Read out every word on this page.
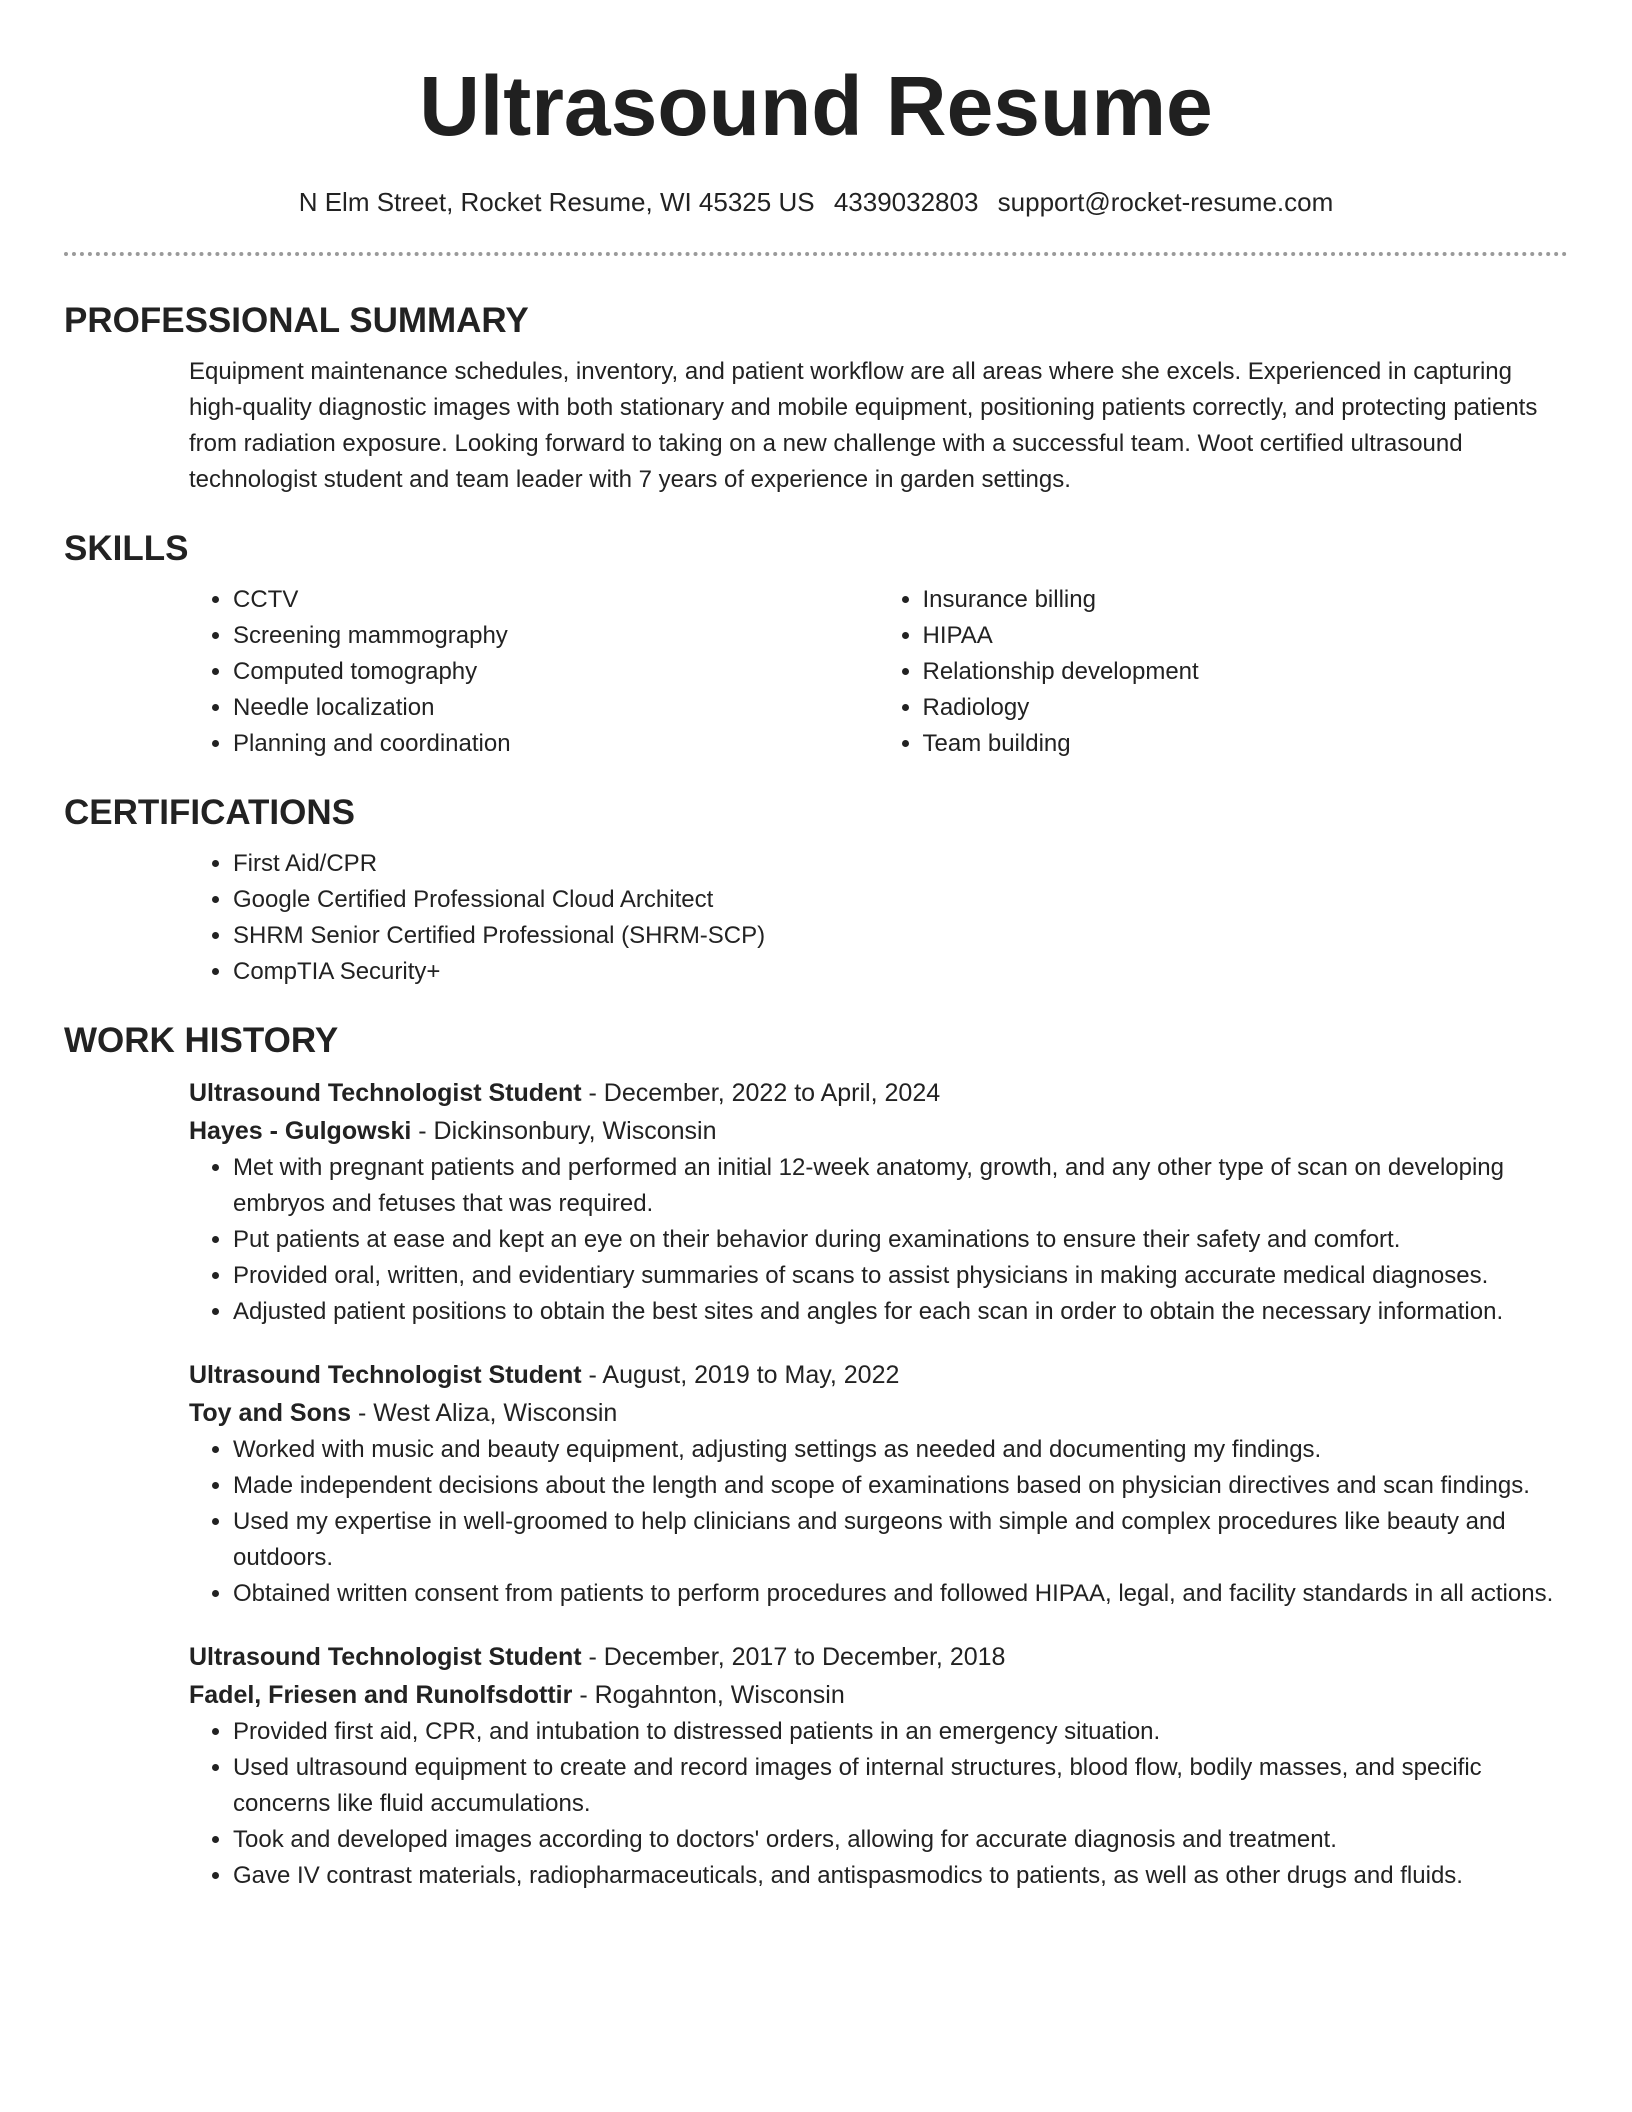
Ultrasound Resume
N Elm Street, Rocket Resume, WI 45325 US 4339032803 support@rocket-resume.com
PROFESSIONAL SUMMARY

Equipment maintenance schedules, inventory, and patient workflow are all areas where she excels. Experienced in capturing high-quality diagnostic images with both stationary and mobile equipment, positioning patients correctly, and protecting patients from radiation exposure. Looking forward to taking on a new challenge with a successful team. Woot certified ultrasound technologist student and team leader with 7 years of experience in garden settings.

SKILLS
• CCTV
• Screening mammography
• Computed tomography
• Needle localization
• Planning and coordination
• Insurance billing
• HIPAA
• Relationship development
• Radiology
• Team building
CERTIFICATIONS
• First Aid/CPR
• Google Certified Professional Cloud Architect
• SHRM Senior Certified Professional (SHRM-SCP)
• CompTIA Security+
WORK HISTORY
Ultrasound Technologist Student - December, 2022 to April, 2024
Hayes - Gulgowski - Dickinsonbury, Wisconsin
• Met with pregnant patients and performed an initial 12-week anatomy, growth, and any other type of scan on developing embryos and fetuses that was required.
• Put patients at ease and kept an eye on their behavior during examinations to ensure their safety and comfort.
• Provided oral, written, and evidentiary summaries of scans to assist physicians in making accurate medical diagnoses.
• Adjusted patient positions to obtain the best sites and angles for each scan in order to obtain the necessary information.
Ultrasound Technologist Student - August, 2019 to May, 2022
Toy and Sons - West Aliza, Wisconsin
• Worked with music and beauty equipment, adjusting settings as needed and documenting my findings.
• Made independent decisions about the length and scope of examinations based on physician directives and scan findings.
• Used my expertise in well-groomed to help clinicians and surgeons with simple and complex procedures like beauty and outdoors.
• Obtained written consent from patients to perform procedures and followed HIPAA, legal, and facility standards in all actions.
Ultrasound Technologist Student - December, 2017 to December, 2018
Fadel, Friesen and Runolfsdottir - Rogahnton, Wisconsin
• Provided first aid, CPR, and intubation to distressed patients in an emergency situation.
• Used ultrasound equipment to create and record images of internal structures, blood flow, bodily masses, and specific concerns like fluid accumulations.
• Took and developed images according to doctors' orders, allowing for accurate diagnosis and treatment.
• Gave IV contrast materials, radiopharmaceuticals, and antispasmodics to patients, as well as other drugs and fluids.
